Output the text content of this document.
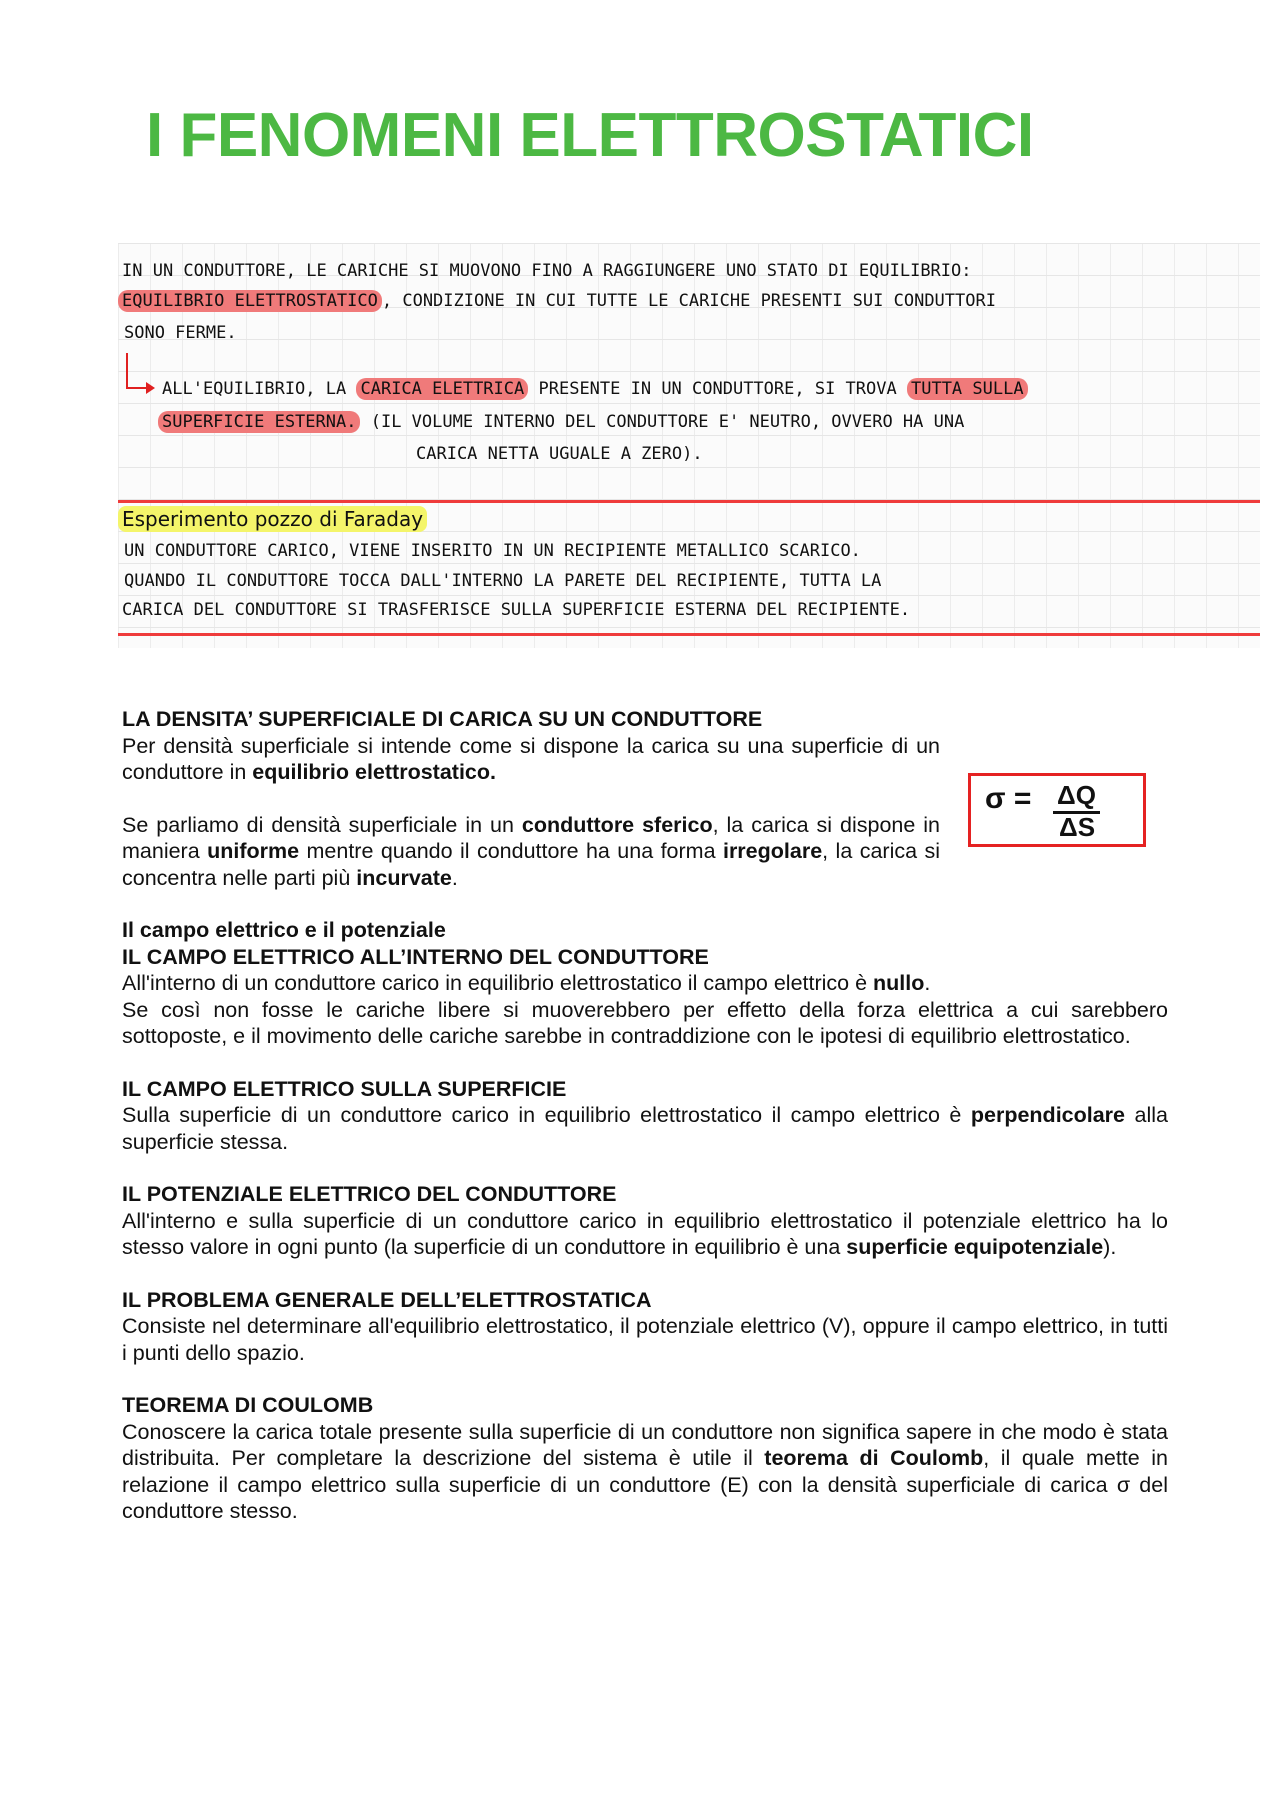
I FENOMENI ELETTROSTATICI
IN UN CONDUTTORE, LE CARICHE SI MUOVONO FINO A RAGGIUNGERE UNO STATO DI EQUILIBRIO:
EQUILIBRIO ELETTROSTATICO , CONDIZIONE IN CUI TUTTE LE CARICHE PRESENTI SUI CONDUTTORI
SONO FERME.
ALL'EQUILIBRIO, LA CARICA ELETTRICA PRESENTE IN UN CONDUTTORE, SI TROVA TUTTA SULLA
SUPERFICIE ESTERNA. (IL VOLUME INTERNO DEL CONDUTTORE E' NEUTRO, OVVERO HA UNA
CARICA NETTA UGUALE A ZERO).
Esperimento pozzo di Faraday
UN CONDUTTORE CARICO, VIENE INSERITO IN UN RECIPIENTE METALLICO SCARICO.
QUANDO IL CONDUTTORE TOCCA DALL'INTERNO LA PARETE DEL RECIPIENTE, TUTTA LA
CARICA DEL CONDUTTORE SI TRASFERISCE SULLA SUPERFICIE ESTERNA DEL RECIPIENTE.
σ = ΔQ
ΔS
LA DENSITA’ SUPERFICIALE DI CARICA SU UN CONDUTTORE

Per densità superficiale si intende come si dispone la carica su una superficie di un conduttore in equilibrio elettrostatico.

Se parliamo di densità superficiale in un conduttore sferico, la carica si dispone in maniera uniforme mentre quando il conduttore ha una forma irregolare, la carica si concentra nelle parti più incurvate.

Il campo elettrico e il potenziale
IL CAMPO ELETTRICO ALL’INTERNO DEL CONDUTTORE

All'interno di un conduttore carico in equilibrio elettrostatico il campo elettrico è nullo.

Se così non fosse le cariche libere si muoverebbero per effetto della forza elettrica a cui sarebbero sottoposte, e il movimento delle cariche sarebbe in contraddizione con le ipotesi di equilibrio elettrostatico.

IL CAMPO ELETTRICO SULLA SUPERFICIE

Sulla superficie di un conduttore carico in equilibrio elettrostatico il campo elettrico è perpendicolare alla superficie stessa.

IL POTENZIALE ELETTRICO DEL CONDUTTORE

All'interno e sulla superficie di un conduttore carico in equilibrio elettrostatico il potenziale elettrico ha lo stesso valore in ogni punto (la superficie di un conduttore in equilibrio è una superficie equipotenziale).

IL PROBLEMA GENERALE DELL’ELETTROSTATICA

Consiste nel determinare all'equilibrio elettrostatico, il potenziale elettrico (V), oppure il campo elettrico, in tutti i punti dello spazio.

TEOREMA DI COULOMB

Conoscere la carica totale presente sulla superficie di un conduttore non significa sapere in che modo è stata distribuita. Per completare la descrizione del sistema è utile il teorema di Coulomb, il quale mette in relazione il campo elettrico sulla superficie di un conduttore (E) con la densità superficiale di carica σ del conduttore stesso.
